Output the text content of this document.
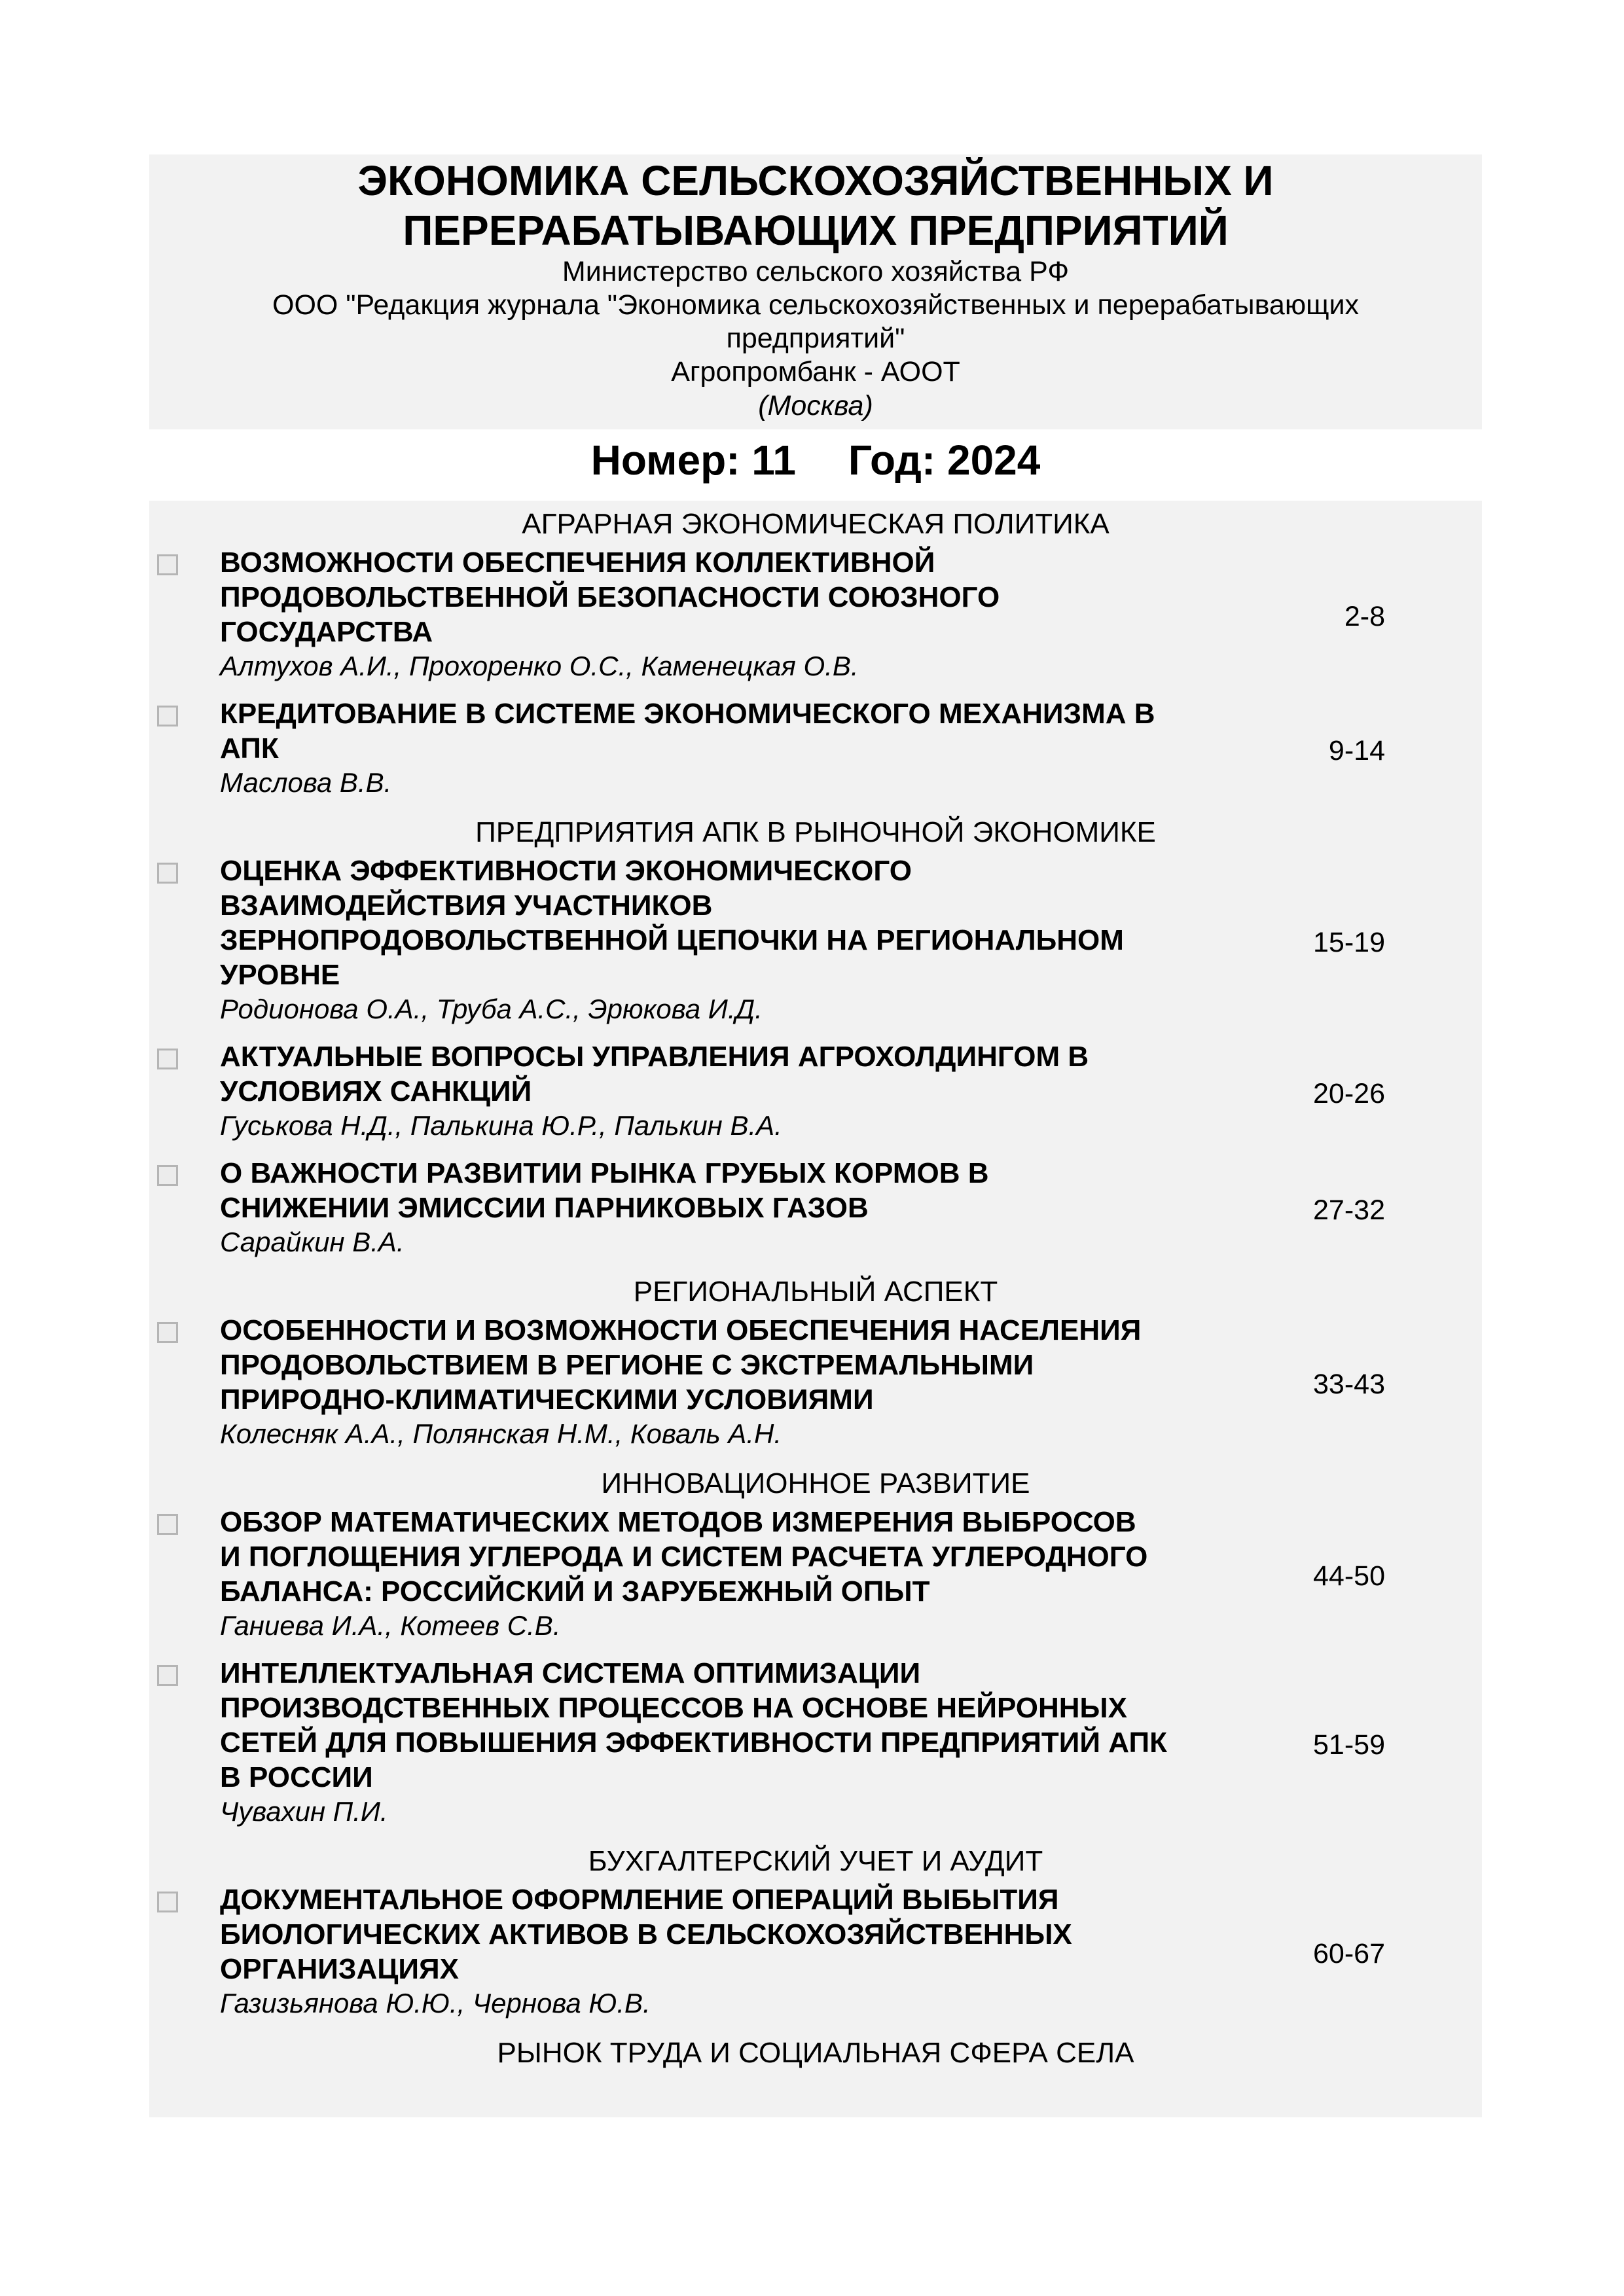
ЭКОНОМИКА СЕЛЬСКОХОЗЯЙСТВЕННЫХ И
ПЕРЕРАБАТЫВАЮЩИХ ПРЕДПРИЯТИЙ
Министерство сельского хозяйства РФ
ООО "Редакция журнала "Экономика сельскохозяйственных и перерабатывающих
предприятий"
Агропромбанк - АООТ
(Москва)
Номер: 11 Год: 2024
АГРАРНАЯ ЭКОНОМИЧЕСКАЯ ПОЛИТИКА
ВОЗМОЖНОСТИ ОБЕСПЕЧЕНИЯ КОЛЛЕКТИВНОЙ
ПРОДОВОЛЬСТВЕННОЙ БЕЗОПАСНОСТИ СОЮЗНОГО
ГОСУДАРСТВА
Алтухов А.И., Прохоренко О.С., Каменецкая О.В.
2-8
КРЕДИТОВАНИЕ В СИСТЕМЕ ЭКОНОМИЧЕСКОГО МЕХАНИЗМА В
АПК
Маслова В.В.
9-14
ПРЕДПРИЯТИЯ АПК В РЫНОЧНОЙ ЭКОНОМИКЕ
ОЦЕНКА ЭФФЕКТИВНОСТИ ЭКОНОМИЧЕСКОГО
ВЗАИМОДЕЙСТВИЯ УЧАСТНИКОВ
ЗЕРНОПРОДОВОЛЬСТВЕННОЙ ЦЕПОЧКИ НА РЕГИОНАЛЬНОМ
УРОВНЕ
Родионова О.А., Труба А.С., Эрюкова И.Д.
15-19
АКТУАЛЬНЫЕ ВОПРОСЫ УПРАВЛЕНИЯ АГРОХОЛДИНГОМ В
УСЛОВИЯХ САНКЦИЙ
Гуськова Н.Д., Палькина Ю.Р., Палькин В.А.
20-26
О ВАЖНОСТИ РАЗВИТИИ РЫНКА ГРУБЫХ КОРМОВ В
СНИЖЕНИИ ЭМИССИИ ПАРНИКОВЫХ ГАЗОВ
Сарайкин В.А.
27-32
РЕГИОНАЛЬНЫЙ АСПЕКТ
ОСОБЕННОСТИ И ВОЗМОЖНОСТИ ОБЕСПЕЧЕНИЯ НАСЕЛЕНИЯ
ПРОДОВОЛЬСТВИЕМ В РЕГИОНЕ С ЭКСТРЕМАЛЬНЫМИ
ПРИРОДНО-КЛИМАТИЧЕСКИМИ УСЛОВИЯМИ
Колесняк А.А., Полянская Н.М., Коваль А.Н.
33-43
ИННОВАЦИОННОЕ РАЗВИТИЕ
ОБЗОР МАТЕМАТИЧЕСКИХ МЕТОДОВ ИЗМЕРЕНИЯ ВЫБРОСОВ
И ПОГЛОЩЕНИЯ УГЛЕРОДА И СИСТЕМ РАСЧЕТА УГЛЕРОДНОГО
БАЛАНСА: РОССИЙСКИЙ И ЗАРУБЕЖНЫЙ ОПЫТ
Ганиева И.А., Котеев С.В.
44-50
ИНТЕЛЛЕКТУАЛЬНАЯ СИСТЕМА ОПТИМИЗАЦИИ
ПРОИЗВОДСТВЕННЫХ ПРОЦЕССОВ НА ОСНОВЕ НЕЙРОННЫХ
СЕТЕЙ ДЛЯ ПОВЫШЕНИЯ ЭФФЕКТИВНОСТИ ПРЕДПРИЯТИЙ АПК
В РОССИИ
Чувахин П.И.
51-59
БУХГАЛТЕРСКИЙ УЧЕТ И АУДИТ
ДОКУМЕНТАЛЬНОЕ ОФОРМЛЕНИЕ ОПЕРАЦИЙ ВЫБЫТИЯ
БИОЛОГИЧЕСКИХ АКТИВОВ В СЕЛЬСКОХОЗЯЙСТВЕННЫХ
ОРГАНИЗАЦИЯХ
Газизьянова Ю.Ю., Чернова Ю.В.
60-67
РЫНОК ТРУДА И СОЦИАЛЬНАЯ СФЕРА СЕЛА
